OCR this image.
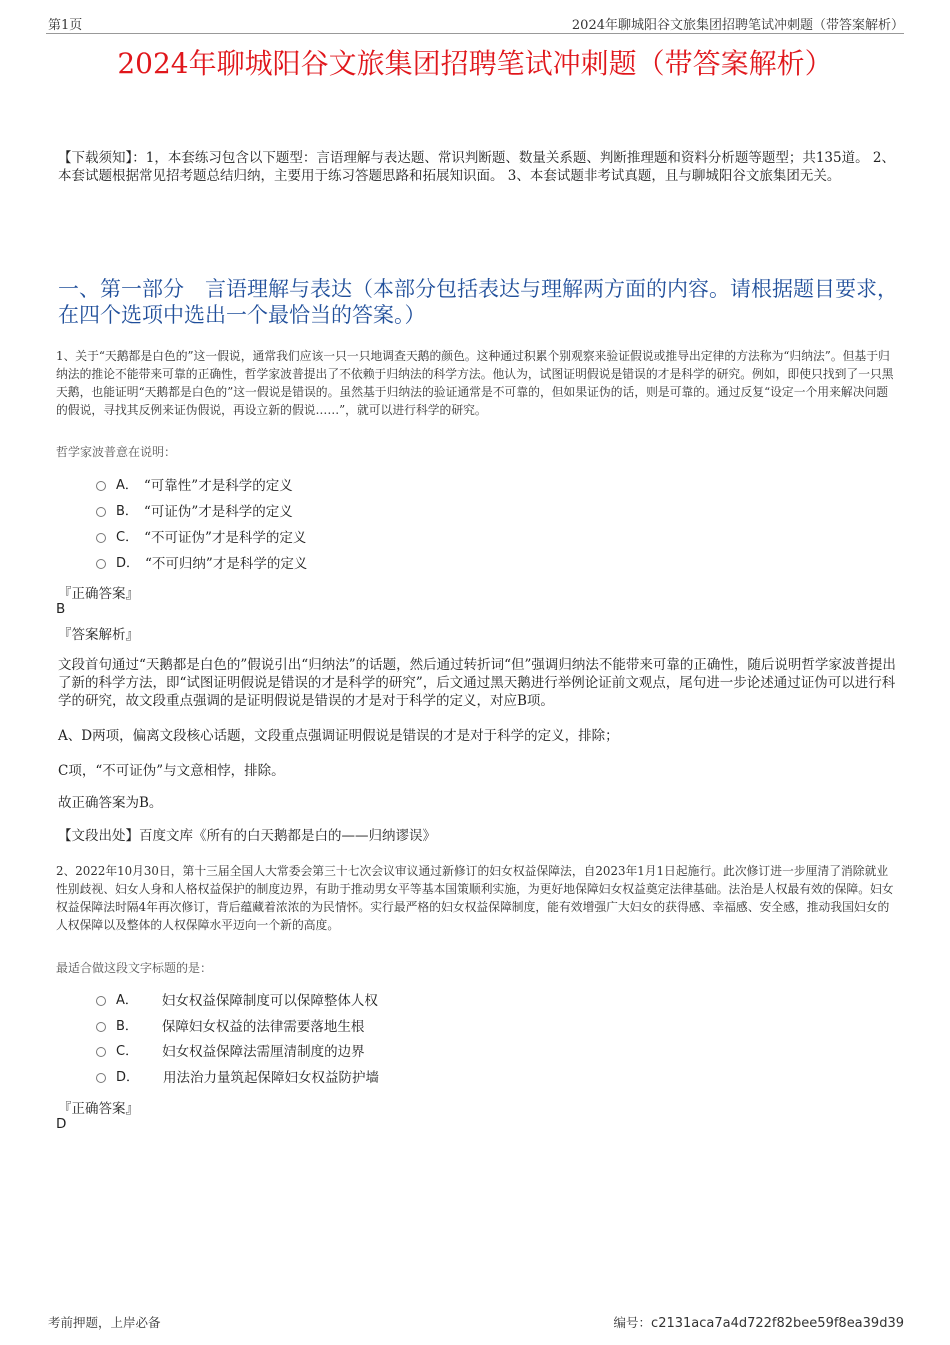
第1页	2024年聊城阳谷文旅集团招聘笔试冲刺题（带答案解析）
2024年聊城阳谷文旅集团招聘笔试冲刺题（带答案解析）
【下载须知】：1，本套练习包含以下题型：言语理解与表达题、常识判断题、数量关系题、判断推理题和资料分析题等题型；共135道。 2、本套试题根据常见招考题总结归纳，主要用于练习答题思路和拓展知识面。 3、本套试题非考试真题，且与聊城阳谷文旅集团无关。
一、第一部分　言语理解与表达（本部分包括表达与理解两方面的内容。请根据题目要求，在四个选项中选出一个最恰当的答案。）
1、关于“天鹅都是白色的”这一假说，通常我们应该一只一只地调查天鹅的颜色。这种通过积累个别观察来验证假说或推导出定律的方法称为“归纳法”。但基于归纳法的推论不能带来可靠的正确性，哲学家波普提出了不依赖于归纳法的科学方法。他认为，试图证明假说是错误的才是科学的研究。例如，即使只找到了一只黑天鹅，也能证明“天鹅都是白色的”这一假说是错误的。虽然基于归纳法的验证通常是不可靠的，但如果证伪的话，则是可靠的。通过反复“设定一个用来解决问题的假说，寻找其反例来证伪假说，再设立新的假说……”，就可以进行科学的研究。
哲学家波普意在说明：
A． “可靠性”才是科学的定义
B． “可证伪”才是科学的定义
C． “不可证伪”才是科学的定义
D． “不可归纳”才是科学的定义
『正确答案』
B
『答案解析』
文段首句通过“天鹅都是白色的”假说引出“归纳法”的话题，然后通过转折词“但”强调归纳法不能带来可靠的正确性，随后说明哲学家波普提出了新的科学方法，即“试图证明假说是错误的才是科学的研究”，后文通过黑天鹅进行举例论证前文观点，尾句进一步论述通过证伪可以进行科学的研究，故文段重点强调的是证明假说是错误的才是对于科学的定义，对应B项。
A、D两项，偏离文段核心话题，文段重点强调证明假说是错误的才是对于科学的定义，排除；
C项，“不可证伪”与文意相悖，排除。
故正确答案为B。
【文段出处】百度文库《所有的白天鹅都是白的——归纳谬误》
2、2022年10月30日，第十三届全国人大常委会第三十七次会议审议通过新修订的妇女权益保障法，自2023年1月1日起施行。此次修订进一步厘清了消除就业性别歧视、妇女人身和人格权益保护的制度边界，有助于推动男女平等基本国策顺利实施，为更好地保障妇女权益奠定法律基础。法治是人权最有效的保障。妇女权益保障法时隔4年再次修订，背后蕴藏着浓浓的为民情怀。实行最严格的妇女权益保障制度，能有效增强广大妇女的获得感、幸福感、安全感，推动我国妇女的人权保障以及整体的人权保障水平迈向一个新的高度。
最适合做这段文字标题的是：
A． 妇女权益保障制度可以保障整体人权
B． 保障妇女权益的法律需要落地生根
C． 妇女权益保障法需厘清制度的边界
D． 用法治力量筑起保障妇女权益防护墙
『正确答案』
D
考前押题，上岸必备	编号：c2131aca7a4d722f82bee59f8ea39d39
